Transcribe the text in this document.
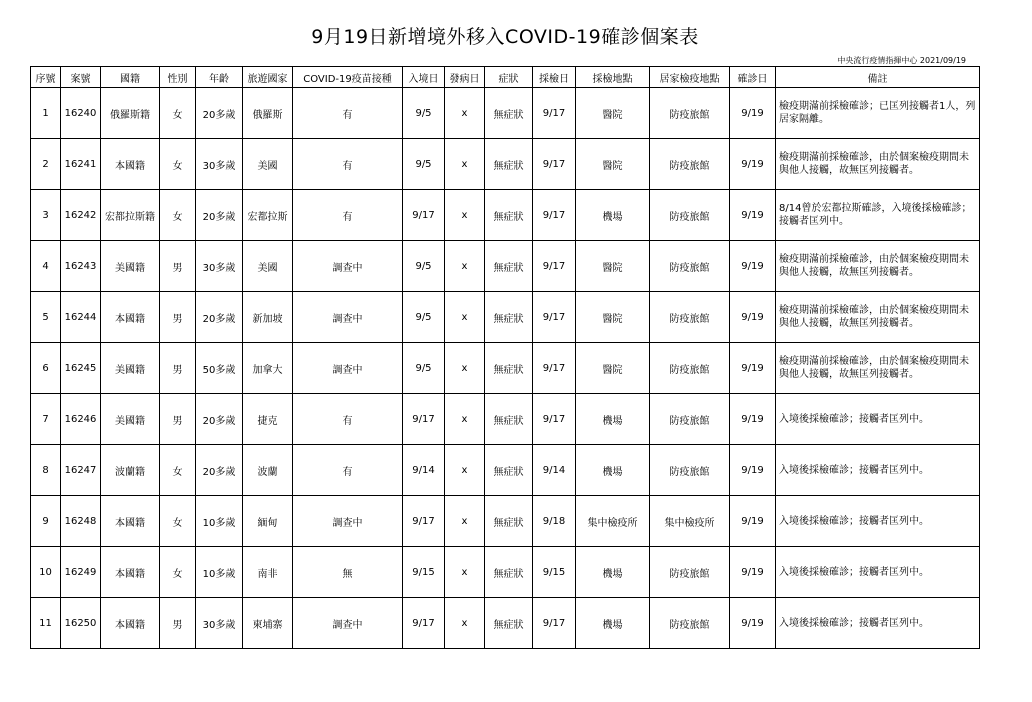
9月19日新增境外移入COVID-19確診個案表
中央流行疫情指揮中心 2021/09/19
序號	案號	國籍	性別	年齡	旅遊國家	COVID-19疫苗接種	入境日	發病日	症狀	採檢日	採檢地點	居家檢疫地點	確診日	備註
1	16240	俄羅斯籍	女	20多歲	俄羅斯	有	9/5	x	無症狀	9/17	醫院	防疫旅館	9/19	檢疫期滿前採檢確診；已匡列接觸者1人，列居家隔離。
2	16241	本國籍	女	30多歲	美國	有	9/5	x	無症狀	9/17	醫院	防疫旅館	9/19	檢疫期滿前採檢確診，由於個案檢疫期間未與他人接觸，故無匡列接觸者。
3	16242	宏都拉斯籍	女	20多歲	宏都拉斯	有	9/17	x	無症狀	9/17	機場	防疫旅館	9/19	8/14曾於宏都拉斯確診，入境後採檢確診；接觸者匡列中。
4	16243	美國籍	男	30多歲	美國	調查中	9/5	x	無症狀	9/17	醫院	防疫旅館	9/19	檢疫期滿前採檢確診，由於個案檢疫期間未與他人接觸，故無匡列接觸者。
5	16244	本國籍	男	20多歲	新加坡	調查中	9/5	x	無症狀	9/17	醫院	防疫旅館	9/19	檢疫期滿前採檢確診，由於個案檢疫期間未與他人接觸，故無匡列接觸者。
6	16245	美國籍	男	50多歲	加拿大	調查中	9/5	x	無症狀	9/17	醫院	防疫旅館	9/19	檢疫期滿前採檢確診，由於個案檢疫期間未與他人接觸，故無匡列接觸者。
7	16246	美國籍	男	20多歲	捷克	有	9/17	x	無症狀	9/17	機場	防疫旅館	9/19	入境後採檢確診；接觸者匡列中。
8	16247	波蘭籍	女	20多歲	波蘭	有	9/14	x	無症狀	9/14	機場	防疫旅館	9/19	入境後採檢確診；接觸者匡列中。
9	16248	本國籍	女	10多歲	緬甸	調查中	9/17	x	無症狀	9/18	集中檢疫所	集中檢疫所	9/19	入境後採檢確診；接觸者匡列中。
10	16249	本國籍	女	10多歲	南非	無	9/15	x	無症狀	9/15	機場	防疫旅館	9/19	入境後採檢確診；接觸者匡列中。
11	16250	本國籍	男	30多歲	柬埔寨	調查中	9/17	x	無症狀	9/17	機場	防疫旅館	9/19	入境後採檢確診；接觸者匡列中。
